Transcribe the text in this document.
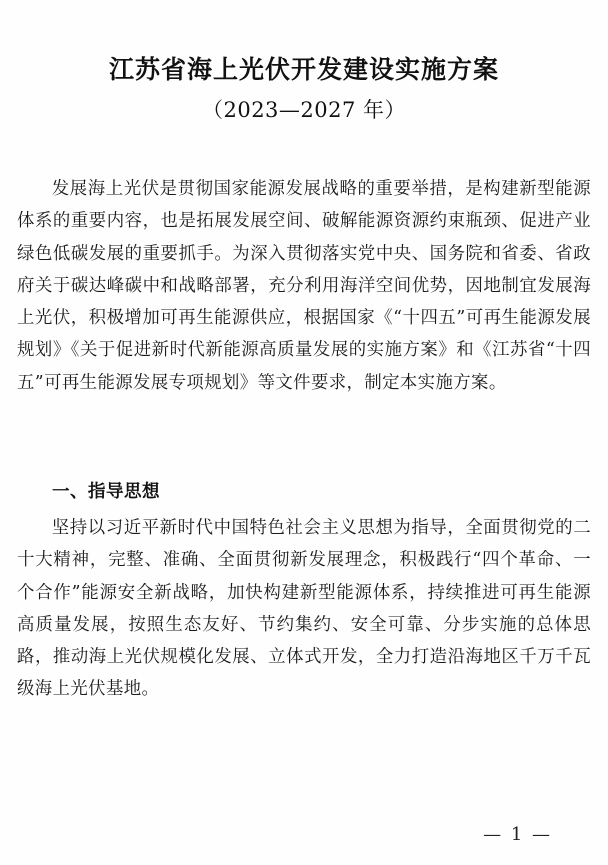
江苏省海上光伏开发建设实施方案
（2023—2027 年）

发展海上光伏是贯彻国家能源发展战略的重要举措，是构建新型能源体系的重要内容，也是拓展发展空间、破解能源资源约束瓶颈、促进产业绿色低碳发展的重要抓手。为深入贯彻落实党中央、国务院和省委、省政府关于碳达峰碳中和战略部署，充分利用海洋空间优势，因地制宜发展海上光伏，积极增加可再生能源供应，根据国家《“十四五”可再生能源发展规划》《关于促进新时代新能源高质量发展的实施方案》和《江苏省“十四五”可再生能源发展专项规划》等文件要求，制定本实施方案。

一、指导思想

坚持以习近平新时代中国特色社会主义思想为指导，全面贯彻党的二十大精神，完整、准确、全面贯彻新发展理念，积极践行“四个革命、一个合作”能源安全新战略，加快构建新型能源体系，持续推进可再生能源高质量发展，按照生态友好、节约集约、安全可靠、分步实施的总体思路，推动海上光伏规模化发展、立体式开发，全力打造沿海地区千万千瓦级海上光伏基地。

— 1 —
